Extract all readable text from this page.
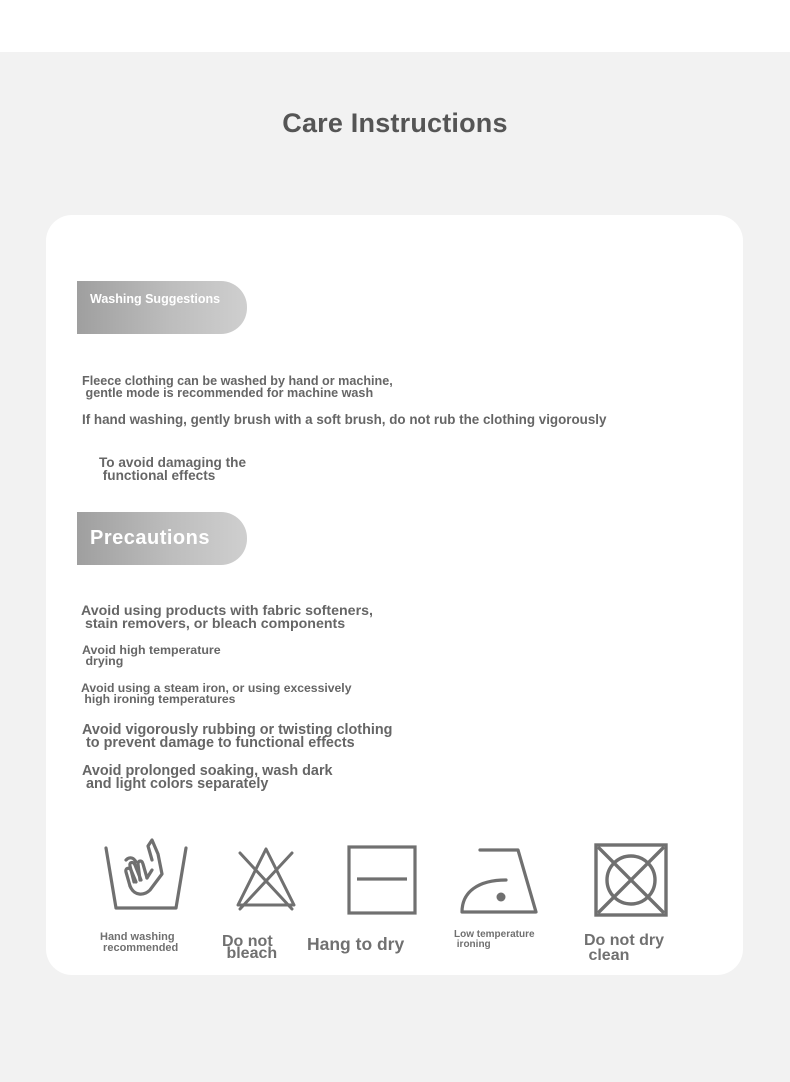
Care Instructions
Washing Suggestions

Fleece clothing can be washed by hand or machine,
gentle mode is recommended for machine wash

If hand washing, gently brush with a soft brush, do not rub the clothing vigorously

To avoid damaging the
functional effects

Precautions

Avoid using products with fabric softeners,
stain removers, or bleach components

Avoid high temperature
drying

Avoid using a steam iron, or using excessively
high ironing temperatures

Avoid vigorously rubbing or twisting clothing
to prevent damage to functional effects

Avoid prolonged soaking, wash dark
and light colors separately

Hand washing
recommended	Do not
bleach Hang to dry	Low temperature
ironing	Do not dry
clean
